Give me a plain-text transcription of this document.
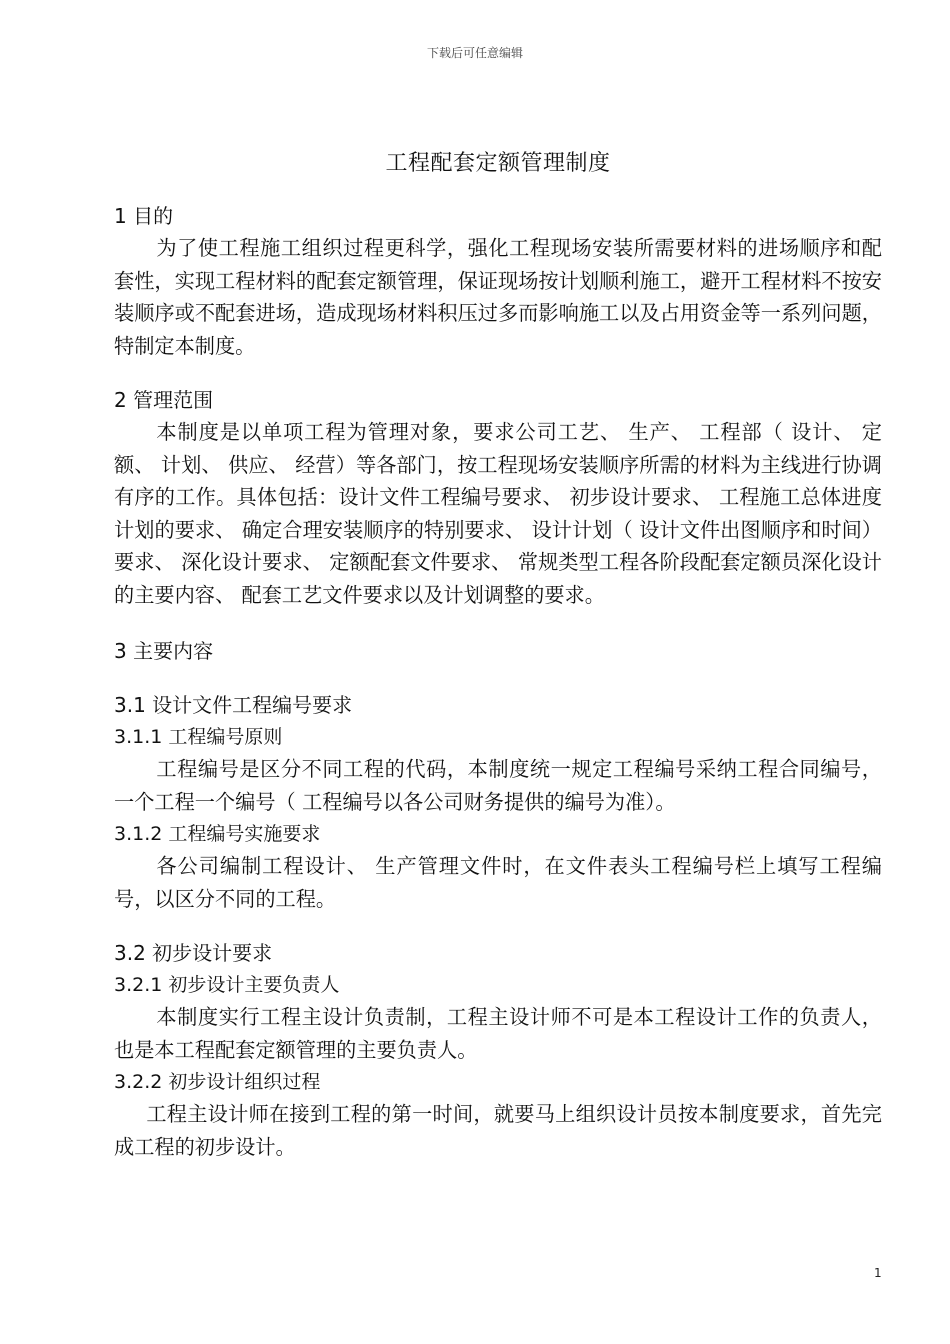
下载后可任意编辑
工程配套定额管理制度
1 目的

为了使工程施工组织过程更科学，强化工程现场安装所需要材料的进场顺序和配套性，实现工程材料的配套定额管理，保证现场按计划顺利施工，避开工程材料不按安装顺序或不配套进场，造成现场材料积压过多而影响施工以及占用资金等一系列问题，特制定本制度。

2 管理范围

本制度是以单项工程为管理对象，要求公司工艺、 生产、 工程部（ 设计、 定额、 计划、 供应、 经营）等各部门，按工程现场安装顺序所需的材料为主线进行协调有序的工作。具体包括：设计文件工程编号要求、 初步设计要求、 工程施工总体进度计划的要求、 确定合理安装顺序的特别要求、 设计计划（ 设计文件出图顺序和时间） 要求、 深化设计要求、 定额配套文件要求、 常规类型工程各阶段配套定额员深化设计的主要内容、 配套工艺文件要求以及计划调整的要求。

3 主要内容
3.1 设计文件工程编号要求
3.1.1 工程编号原则

工程编号是区分不同工程的代码，本制度统一规定工程编号采纳工程合同编号，一个工程一个编号（ 工程编号以各公司财务提供的编号为准）。

3.1.2 工程编号实施要求

各公司编制工程设计、 生产管理文件时，在文件表头工程编号栏上填写工程编号，以区分不同的工程。

3.2 初步设计要求
3.2.1 初步设计主要负责人

本制度实行工程主设计负责制，工程主设计师不可是本工程设计工作的负责人，也是本工程配套定额管理的主要负责人。

3.2.2 初步设计组织过程

工程主设计师在接到工程的第一时间，就要马上组织设计员按本制度要求，首先完成工程的初步设计。

1
